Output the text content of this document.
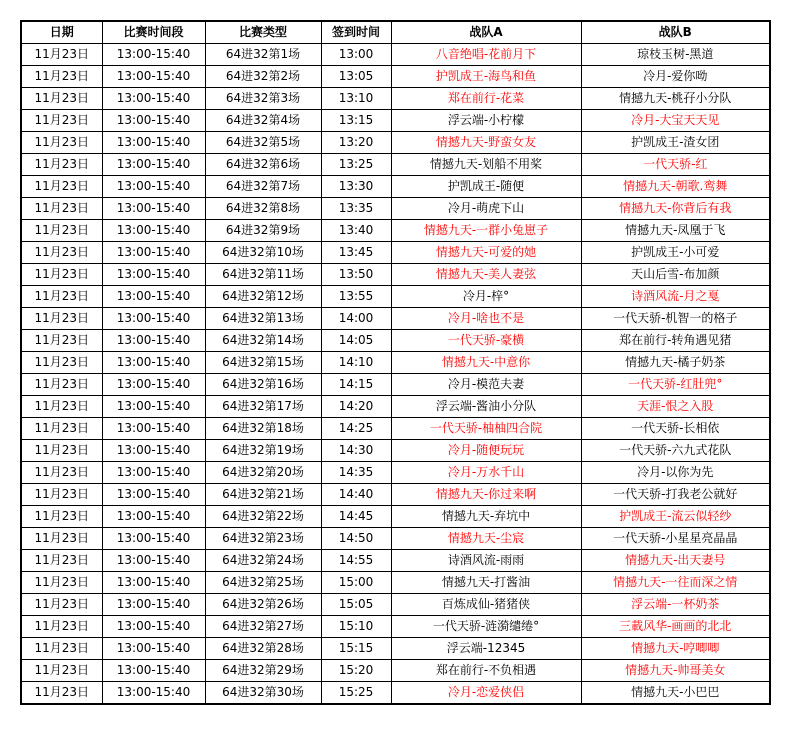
日期	比赛时间段	比赛类型	签到时间	战队A	战队B
11月23日	13:00-15:40	64进32第1场	13:00	八音绝唱-花前月下	琼枝玉树-黑道
11月23日	13:00-15:40	64进32第2场	13:05	护凯成王-海鸟和鱼	冷月-爱你呦
11月23日	13:00-15:40	64进32第3场	13:10	郑在前行-花菜	情撼九天-桃孖小分队
11月23日	13:00-15:40	64进32第4场	13:15	浮云端-小柠檬	冷月-大宝天天见
11月23日	13:00-15:40	64进32第5场	13:20	情撼九天-野蛮女友	护凯成王-渣女团
11月23日	13:00-15:40	64进32第6场	13:25	情撼九天-划船不用桨	一代天骄-红
11月23日	13:00-15:40	64进32第7场	13:30	护凯成王-随便	情撼九天-朝歌.鸾舞
11月23日	13:00-15:40	64进32第8场	13:35	冷月-萌虎下山	情撼九天-你背后有我
11月23日	13:00-15:40	64进32第9场	13:40	情撼九天-一群小兔崽子	情撼九天-凤凰于飞
11月23日	13:00-15:40	64进32第10场	13:45	情撼九天-可爱的她	护凯成王-小可爱
11月23日	13:00-15:40	64进32第11场	13:50	情撼九天-美人妻弦	天山后雪-布加颜
11月23日	13:00-15:40	64进32第12场	13:55	冷月-梓°	诗酒风流-月之戛
11月23日	13:00-15:40	64进32第13场	14:00	冷月-啥也不是	一代天骄-机智一的格子
11月23日	13:00-15:40	64进32第14场	14:05	一代天骄-豪横	郑在前行-转角遇见猪
11月23日	13:00-15:40	64进32第15场	14:10	情撼九天-中意你	情撼九天-橘子奶茶
11月23日	13:00-15:40	64进32第16场	14:15	冷月-模范夫妻	一代天骄-红肚兜°
11月23日	13:00-15:40	64进32第17场	14:20	浮云端-酱油小分队	天涯-恨之入股
11月23日	13:00-15:40	64进32第18场	14:25	一代天骄-柚柚四合院	一代天骄-长相依
11月23日	13:00-15:40	64进32第19场	14:30	冷月-随便玩玩	一代天骄-六九式花队
11月23日	13:00-15:40	64进32第20场	14:35	冷月-万水千山	冷月-以你为先
11月23日	13:00-15:40	64进32第21场	14:40	情撼九天-你过来啊	一代天骄-打我老公就好
11月23日	13:00-15:40	64进32第22场	14:45	情撼九天-弃坑中	护凯成王-流云似轻纱
11月23日	13:00-15:40	64进32第23场	14:50	情撼九天-尘宸	一代天骄-小星星亮晶晶
11月23日	13:00-15:40	64进32第24场	14:55	诗酒风流-雨雨	情撼九天-出天妻号
11月23日	13:00-15:40	64进32第25场	15:00	情撼九天-打酱油	情撼九天-一往而深之情
11月23日	13:00-15:40	64进32第26场	15:05	百炼成仙-猪猪侠	浮云端-一杯奶茶
11月23日	13:00-15:40	64进32第27场	15:10	一代天骄-涟漪缱绻°	三載风华-画画的北北
11月23日	13:00-15:40	64进32第28场	15:15	浮云端-12345	情撼九天-哼唧唧
11月23日	13:00-15:40	64进32第29场	15:20	郑在前行-不负相遇	情撼九天-帅哥美女
11月23日	13:00-15:40	64进32第30场	15:25	冷月-恋爱侠侣	情撼九天-小巴巴
